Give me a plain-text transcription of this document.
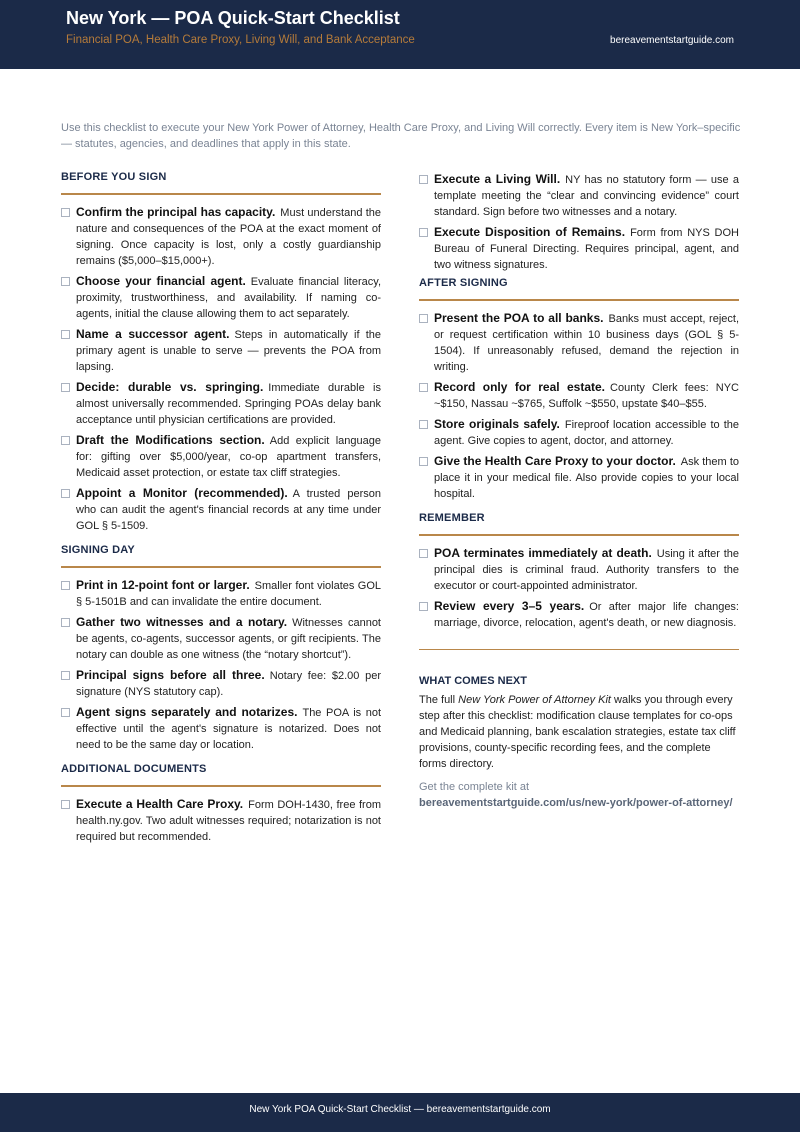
New York — POA Quick-Start Checklist
Financial POA, Health Care Proxy, Living Will, and Bank Acceptance	bereavementstartguide.com
Use this checklist to execute your New York Power of Attorney, Health Care Proxy, and Living Will correctly. Every item is New York–specific — statutes, agencies, and deadlines that apply in this state.
BEFORE YOU SIGN
Confirm the principal has capacity. Must understand the nature and consequences of the POA at the exact moment of signing. Once capacity is lost, only a costly guardianship remains ($5,000–$15,000+).
Choose your financial agent. Evaluate financial literacy, proximity, trustworthiness, and availability. If naming co-agents, initial the clause allowing them to act separately.
Name a successor agent. Steps in automatically if the primary agent is unable to serve — prevents the POA from lapsing.
Decide: durable vs. springing. Immediate durable is almost universally recommended. Springing POAs delay bank acceptance until physician certifications are provided.
Draft the Modifications section. Add explicit language for: gifting over $5,000/year, co-op apartment transfers, Medicaid asset protection, or estate tax cliff strategies.
Appoint a Monitor (recommended). A trusted person who can audit the agent's financial records at any time under GOL § 5-1509.
SIGNING DAY
Print in 12-point font or larger. Smaller font violates GOL § 5-1501B and can invalidate the entire document.
Gather two witnesses and a notary. Witnesses cannot be agents, co-agents, successor agents, or gift recipients. The notary can double as one witness (the “notary shortcut”).
Principal signs before all three. Notary fee: $2.00 per signature (NYS statutory cap).
Agent signs separately and notarizes. The POA is not effective until the agent's signature is notarized. Does not need to be the same day or location.
ADDITIONAL DOCUMENTS
Execute a Health Care Proxy. Form DOH-1430, free from health.ny.gov. Two adult witnesses required; notarization is not required but recommended.
Execute a Living Will. NY has no statutory form — use a template meeting the “clear and convincing evidence” court standard. Sign before two witnesses and a notary.
Execute Disposition of Remains. Form from NYS DOH Bureau of Funeral Directing. Requires principal, agent, and two witness signatures.
AFTER SIGNING
Present the POA to all banks. Banks must accept, reject, or request certification within 10 business days (GOL § 5-1504). If unreasonably refused, demand the rejection in writing.
Record only for real estate. County Clerk fees: NYC ~$150, Nassau ~$765, Suffolk ~$550, upstate $40–$55.
Store originals safely. Fireproof location accessible to the agent. Give copies to agent, doctor, and attorney.
Give the Health Care Proxy to your doctor. Ask them to place it in your medical file. Also provide copies to your local hospital.
REMEMBER
POA terminates immediately at death. Using it after the principal dies is criminal fraud. Authority transfers to the executor or court-appointed administrator.
Review every 3–5 years. Or after major life changes: marriage, divorce, relocation, agent's death, or new diagnosis.
WHAT COMES NEXT
The full New York Power of Attorney Kit walks you through every step after this checklist: modification clause templates for co-ops and Medicaid planning, bank escalation strategies, estate tax cliff provisions, county-specific recording fees, and the complete forms directory.
Get the complete kit at
bereavementstartguide.com/us/new-york/power-of-attorney/
New York POA Quick-Start Checklist — bereavementstartguide.com
